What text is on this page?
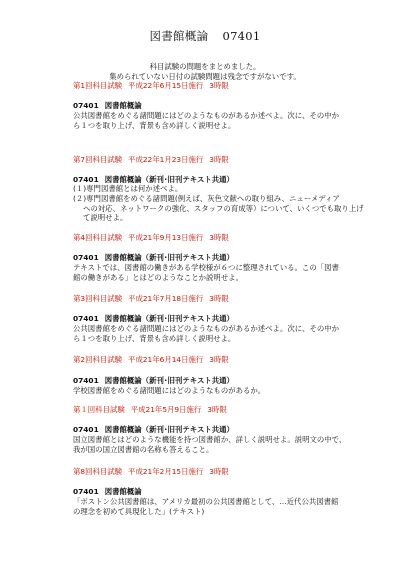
図書館概論 07401
科目試験の問題をまとめました。
集められていない日付の試験問題は残念ですがないです。
第1回科目試験 平成22年6月15日施行 3時限
07401 図書館概論
公共図書館をめぐる諸問題にはどのようなものがあるか述べよ。次に、その中か
ら１つを取り上げ、背景も含め詳しく説明せよ。
第7回科目試験 平成22年1月23日施行 3時限
07401 図書館概論（新刊･旧刊テキスト共通）
(１)専門図書館とは何か述べよ。
(２)専門図書館をめぐる諸問題(例えば、灰色文献への取り組み、ニューメディア
への対応、ネットワークの強化、スタッフの育成等）について、いくつでも取り上げ
て説明せよ。
第4回科目試験 平成21年9月13日施行 3時限
07401 図書館概論（新刊･旧刊テキスト共通）
テキストでは、図書館の働きがある学校様が６つに整理されている。この「図書
館の働きがある」とはどのようなことか説明せよ。
第3回科目試験 平成21年7月18日施行 3時限
07401 図書館概論（新刊･旧刊テキスト共通）
公共図書館をめぐる諸問題にはどのようなものがあるか述べよ。次に、その中か
ら１つを取り上げ、背景も含め詳しく説明せよ。
第2回科目試験 平成21年6月14日施行 3時限
07401 図書館概論（新刊･旧刊テキスト共通）
学校図書館をめぐる諸問題にはどのようなものがあるか。
第１回科目試験 平成21年5月9日施行 3時限
07401 図書館概論（新刊･旧刊テキスト共通）
国立図書館とはどのような機能を持つ図書館か、詳しく説明せよ。説明文の中で、
我が国の国立図書館の名称も答えること。
第8回科目試験 平成21年2月15日施行 3時限
07401 図書館概論
「ボストン公共図書館は、アメリカ最初の公共図書館として、…近代公共図書館
の理念を初めて具現化した」(テキスト)
